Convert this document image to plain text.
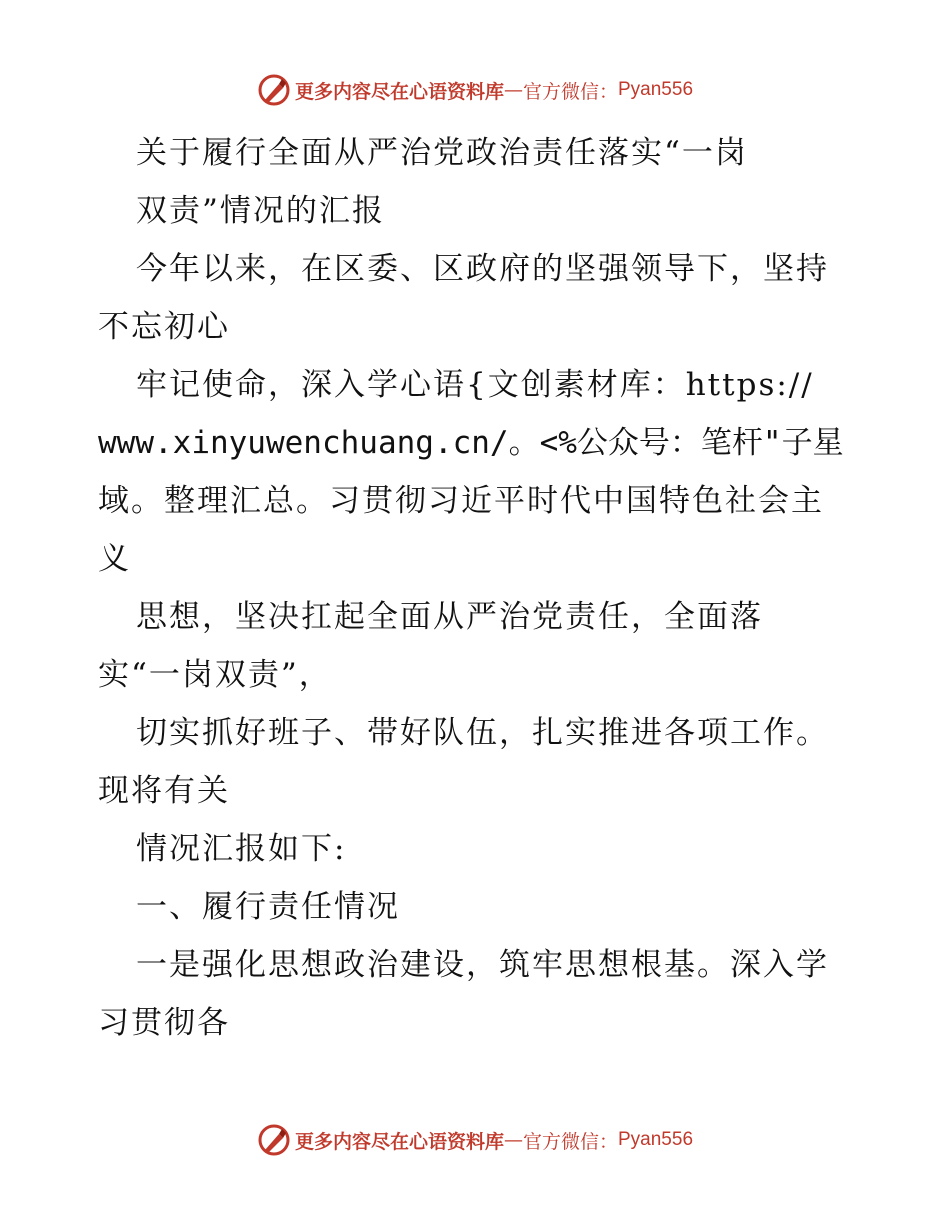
更多内容尽在心语资料库 — 官方微信： Pyan556
关于履行全面从严治党政治责任落实“一岗
双责”情况的汇报
今年以来，在区委、区政府的坚强领导下，坚持
不忘初心
牢记使命，深入学心语{文创素材库：https://
www.xinyuwenchuang.cn/。<%公众号：笔杆"子星
域。整理汇总。习贯彻习近平时代中国特色社会主
义
思想，坚决扛起全面从严治党责任，全面落
实“一岗双责”，
切实抓好班子、带好队伍，扎实推进各项工作。
现将有关
情况汇报如下:
一、履行责任情况
一是强化思想政治建设，筑牢思想根基。深入学
习贯彻各
更多内容尽在心语资料库 — 官方微信： Pyan556
